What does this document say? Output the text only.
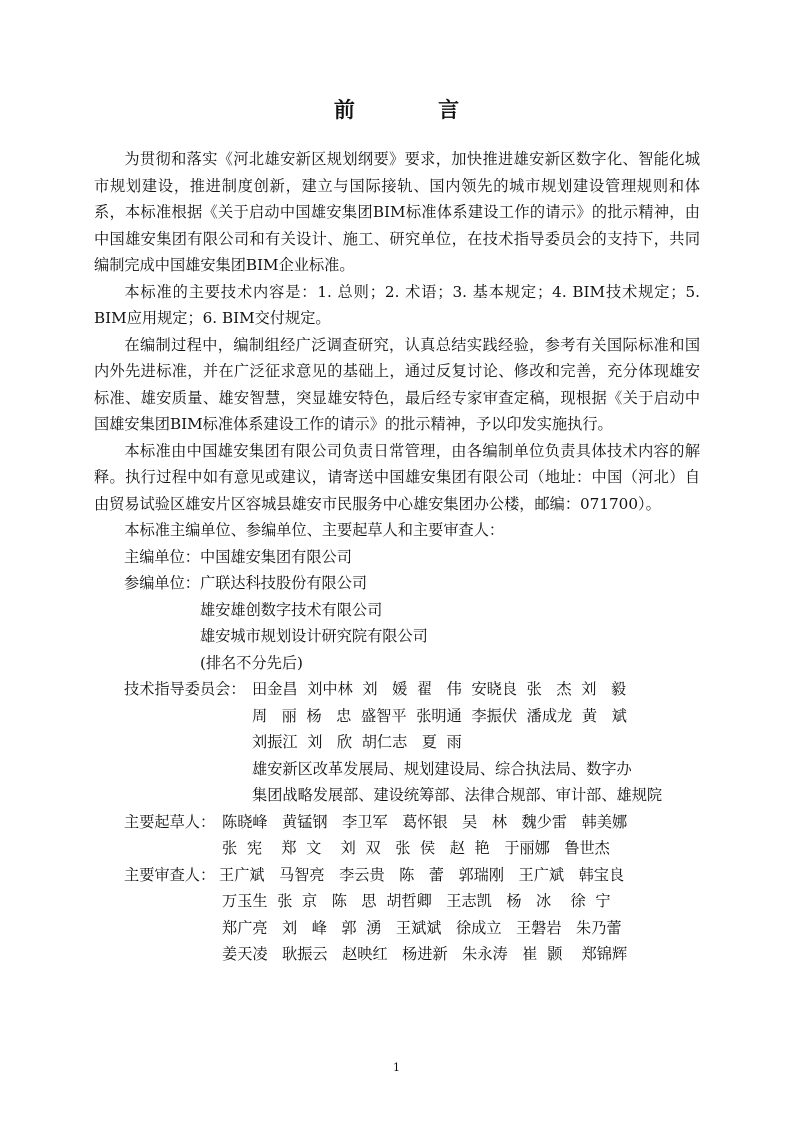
前 言

为贯彻和落实《河北雄安新区规划纲要》要求，加快推进雄安新区数字化、智能化城市规划建设，推进制度创新，建立与国际接轨、国内领先的城市规划建设管理规则和体系，本标准根据《关于启动中国雄安集团BIM标准体系建设工作的请示》的批示精神，由中国雄安集团有限公司和有关设计、施工、研究单位，在技术指导委员会的支持下，共同编制完成中国雄安集团BIM企业标准。

本标准的主要技术内容是：1. 总则；2. 术语；3. 基本规定；4. BIM技术规定；5. BIM应用规定；6. BIM交付规定。

在编制过程中，编制组经广泛调查研究，认真总结实践经验，参考有关国际标准和国内外先进标准，并在广泛征求意见的基础上，通过反复讨论、修改和完善，充分体现雄安标准、雄安质量、雄安智慧，突显雄安特色，最后经专家审查定稿，现根据《关于启动中国雄安集团BIM标准体系建设工作的请示》的批示精神，予以印发实施执行。

本标准由中国雄安集团有限公司负责日常管理，由各编制单位负责具体技术内容的解释。执行过程中如有意见或建议，请寄送中国雄安集团有限公司（地址：中国（河北）自由贸易试验区雄安片区容城县雄安市民服务中心雄安集团办公楼，邮编：071700）。

本标准主编单位、参编单位、主要起草人和主要审查人：

主编单位： 中国雄安集团有限公司
参编单位： 广联达科技股份有限公司
雄安雄创数字技术有限公司
雄安城市规划设计研究院有限公司
(排名不分先后)
技术指导委员会： 田金昌  刘中林  刘   媛  翟   伟  安晓良  张   杰  刘   毅
周   丽  杨   忠  盛智平  张明通  李振伏  潘成龙  黄   斌
刘振江  刘   欣  胡仁志   夏  雨
雄安新区改革发展局、规划建设局、综合执法局、数字办
集团战略发展部、建设统筹部、法律合规部、审计部、雄规院
主要起草人： 陈晓峰   黄锰钢   李卫军   葛怀银   吴   林   魏少雷   韩美娜
张  宪    郑  文    刘  双   张  侯   赵  艳   于丽娜   鲁世杰
主要审查人： 王广斌   马智亮   李云贵   陈   蕾   郭瑞刚   王广斌   韩宝良
万玉生  张  京   陈   思  胡哲卿   王志凯   杨   冰    徐  宁
郑广亮   刘   峰   郭  湧   王斌斌   徐成立   王磐岩   朱乃蕾
姜天凌   耿振云   赵映红   杨进新   朱永涛   崔  颢    郑锦辉
1
